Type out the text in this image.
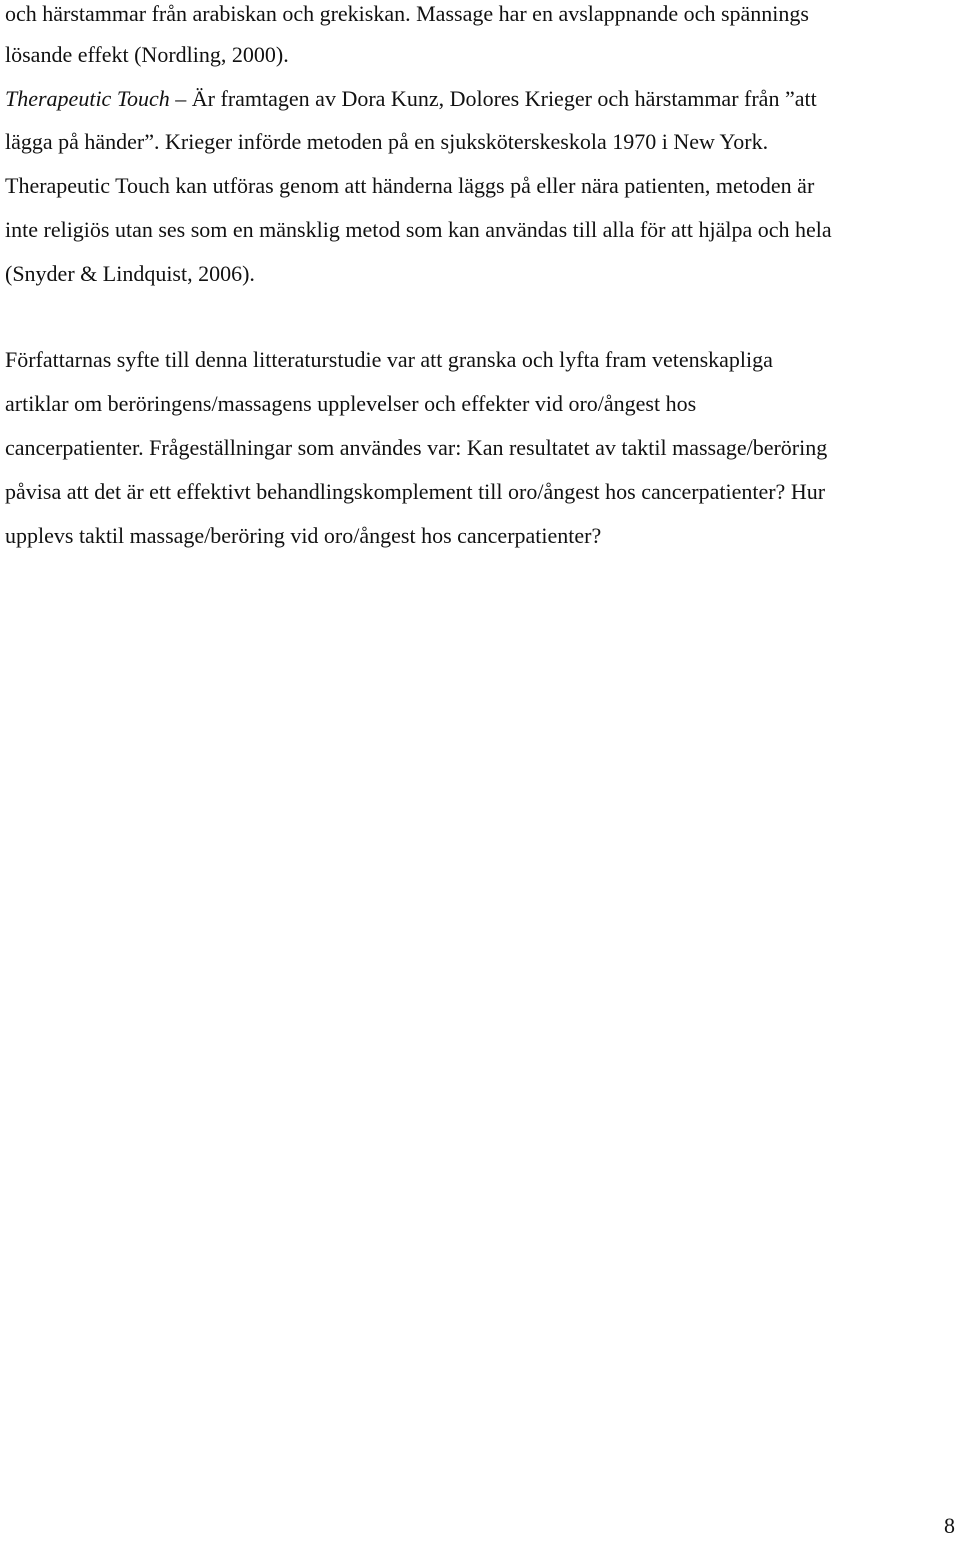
och härstammar från arabiskan och grekiskan. Massage har en avslappnande och spännings
lösande effekt (Nordling, 2000).
Therapeutic Touch – Är framtagen av Dora Kunz, Dolores Krieger och härstammar från ”att
lägga på händer”. Krieger införde metoden på en sjuksköterskeskola 1970 i New York.
Therapeutic Touch kan utföras genom att händerna läggs på eller nära patienten, metoden är
inte religiös utan ses som en mänsklig metod som kan användas till alla för att hjälpa och hela
(Snyder & Lindquist, 2006).
Författarnas syfte till denna litteraturstudie var att granska och lyfta fram vetenskapliga
artiklar om beröringens/massagens upplevelser och effekter vid oro/ångest hos
cancerpatienter. Frågeställningar som användes var: Kan resultatet av taktil massage/beröring
påvisa att det är ett effektivt behandlingskomplement till oro/ångest hos cancerpatienter? Hur
upplevs taktil massage/beröring vid oro/ångest hos cancerpatienter?
8
